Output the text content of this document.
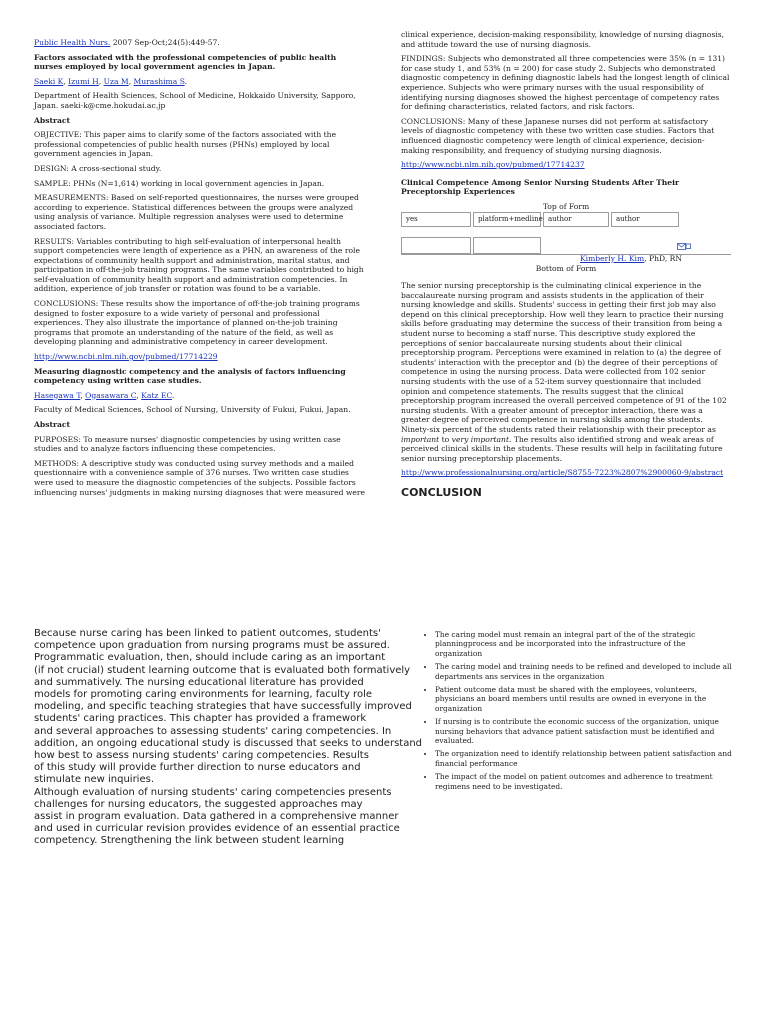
Public Health Nurs. 2007 Sep-Oct;24(5):449-57.

Factors associated with the professional competencies of public health nurses employed by local government agencies in Japan.

Saeki K, Izumi H, Uza M, Murashima S.

Department of Health Sciences, School of Medicine, Hokkaido University, Sapporo, Japan. saeki-k@cme.hokudai.ac.jp

Abstract

OBJECTIVE: This paper aims to clarify some of the factors associated with the professional competencies of public health nurses (PHNs) employed by local government agencies in Japan.

DESIGN: A cross-sectional study.

SAMPLE: PHNs (N=1,614) working in local government agencies in Japan.

MEASUREMENTS: Based on self-reported questionnaires, the nurses were grouped according to experience. Statistical differences between the groups were analyzed using analysis of variance. Multiple regression analyses were used to determine associated factors.

RESULTS: Variables contributing to high self-evaluation of interpersonal health support competencies were length of experience as a PHN, an awareness of the role expectations of community health support and administration, marital status, and participation in off-the-job training programs. The same variables contributed to high self-evaluation of community health support and administration competencies. In addition, experience of job transfer or rotation was found to be a variable.

CONCLUSIONS: These results show the importance of off-the-job training programs designed to foster exposure to a wide variety of personal and professional experiences. They also illustrate the importance of planned on-the-job training programs that promote an understanding of the nature of the field, as well as developing planning and administrative competency in career development.

http://www.ncbi.nlm.nih.gov/pubmed/17714229

Measuring diagnostic competency and the analysis of factors influencing competency using written case studies.

Hasegawa T, Ogasawara C, Katz EC.

Faculty of Medical Sciences, School of Nursing, University of Fukui, Fukui, Japan.

Abstract

PURPOSES: To measure nurses' diagnostic competencies by using written case studies and to analyze factors influencing these competencies.

METHODS: A descriptive study was conducted using survey methods and a mailed questionnaire with a convenience sample of 376 nurses. Two written case studies were used to measure the diagnostic competencies of the subjects. Possible factors influencing nurses' judgments in making nursing diagnoses that were measured were

clinical experience, decision-making responsibility, knowledge of nursing diagnosis, and attitude toward the use of nursing diagnosis.

FINDINGS: Subjects who demonstrated all three competencies were 35% (n = 131) for case study 1, and 53% (n = 200) for case study 2. Subjects who demonstrated diagnostic competency in defining diagnostic labels had the longest length of clinical experience. Subjects who were primary nurses with the usual responsibility of identifying nursing diagnoses showed the highest percentage of competency rates for defining characteristics, related factors, and risk factors.

CONCLUSIONS: Many of these Japanese nurses did not perform at satisfactory levels of diagnostic competency with these two written case studies. Factors that influenced diagnostic competency were length of clinical experience, decision-making responsibility, and frequency of studying nursing diagnosis.

http://www.ncbi.nlm.nih.gov/pubmed/17714237

Clinical Competence Among Senior Nursing Students After Their Preceptorship Experiences

Top of Form
yes	platform+medline author	author
Kimberly H. Kim, PhD, RN
Bottom of Form

The senior nursing preceptorship is the culminating clinical experience in the baccalaureate nursing program and assists students in the application of their nursing knowledge and skills. Students' success in getting their first job may also depend on this clinical preceptorship. How well they learn to practice their nursing skills before graduating may determine the success of their transition from being a student nurse to becoming a staff nurse. This descriptive study explored the perceptions of senior baccalaureate nursing students about their clinical preceptorship program. Perceptions were examined in relation to (a) the degree of students' interaction with the preceptor and (b) the degree of their perceptions of competence in using the nursing process. Data were collected from 102 senior nursing students with the use of a 52-item survey questionnaire that included opinion and competence statements. The results suggest that the clinical preceptorship program increased the overall perceived competence of 91 of the 102 nursing students. With a greater amount of preceptor interaction, there was a greater degree of perceived competence in nursing skills among the students. Ninety-six percent of the students rated their relationship with their preceptor as important to very important. The results also identified strong and weak areas of perceived clinical skills in the students. These results will help in facilitating future senior nursing preceptorship placements.

http://www.professionalnursing.org/article/S8755-7223%2807%2900060-9/abstract

CONCLUSION
Because nurse caring has been linked to patient outcomes, students'
competence upon graduation from nursing programs must be assured.
Programmatic evaluation, then, should include caring as an important
(if not crucial) student learning outcome that is evaluated both formatively
and summatively. The nursing educational literature has provided
models for promoting caring environments for learning, faculty role
modeling, and specific teaching strategies that have successfully improved
students' caring practices. This chapter has provided a framework
and several approaches to assessing students' caring competencies. In
addition, an ongoing educational study is discussed that seeks to understand
how best to assess nursing students' caring competencies. Results
of this study will provide further direction to nurse educators and
stimulate new inquiries.
Although evaluation of nursing students' caring competencies presents
challenges for nursing educators, the suggested approaches may
assist in program evaluation. Data gathered in a comprehensive manner
and used in curricular revision provides evidence of an essential practice
competency. Strengthening the link between student learning
• The caring model must remain an integral part of the of the strategic planningprocess and be incorporated into the infrastructure of the organization
• The caring model and training needs to be refined and developed to include all departments ans services in the organization
• Patient outcome data must be shared with the employees, volunteers, physicians an board members until results are owned in everyone in the organization
• If nursing is to contribute the economic success of the organization, unique nursing behaviors that advance patient satisfaction must be identified and evaluated.
• The organization need to identify relationship between patient satisfaction and financial performance
• The impact of the model on patient outcomes and adherence to treatment regimens need to be investigated.
